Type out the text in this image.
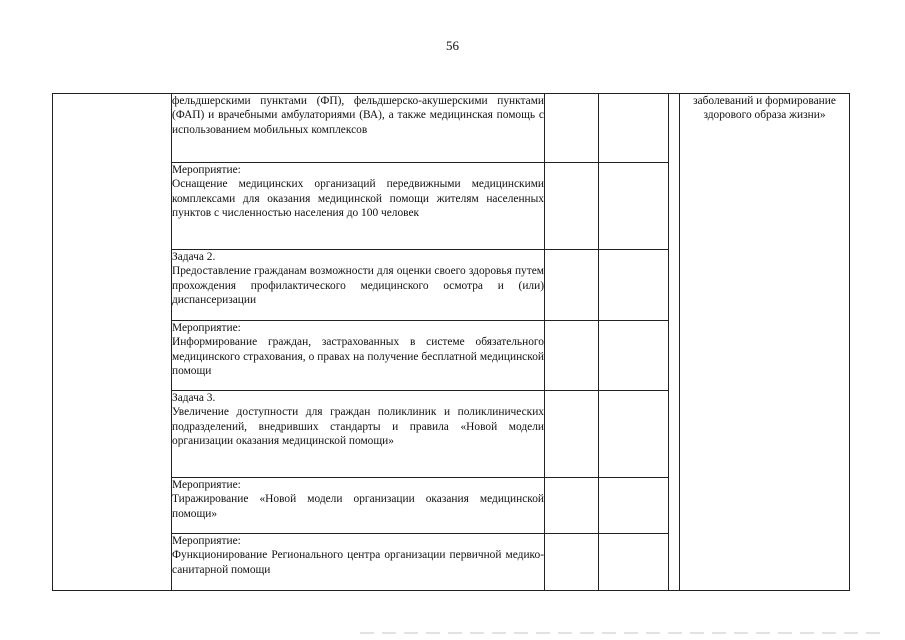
56

	фельдшерскими пунктами (ФП), фельдшерско-акушерскими пунктами (ФАП) и врачебными амбулаториями (ВА), а также медицинская помощь с использованием мобильных комплексов				заболеваний и формирование здорового образа жизни»

	Мероприятие:
Оснащение медицинских организаций передвижными медицинскими комплексами для оказания медицинской помощи жителям населенных пунктов с численностью населения до 100 человек				

	Задача 2.
Предоставление гражданам возможности для оценки своего здоровья путем прохождения профилактического медицинского осмотра и (или) диспансеризации				

	Мероприятие:
Информирование граждан, застрахованных в системе обязательного медицинского страхования, о правах на получение бесплатной медицинской помощи				

	Задача 3.
Увеличение доступности для граждан поликлиник и поликлинических подразделений, внедривших стандарты и правила «Новой модели организации оказания медицинской помощи»				

	Мероприятие:
Тиражирование «Новой модели организации оказания медицинской помощи»				

	Мероприятие:
Функционирование Регионального центра организации первичной медико-санитарной помощи				
